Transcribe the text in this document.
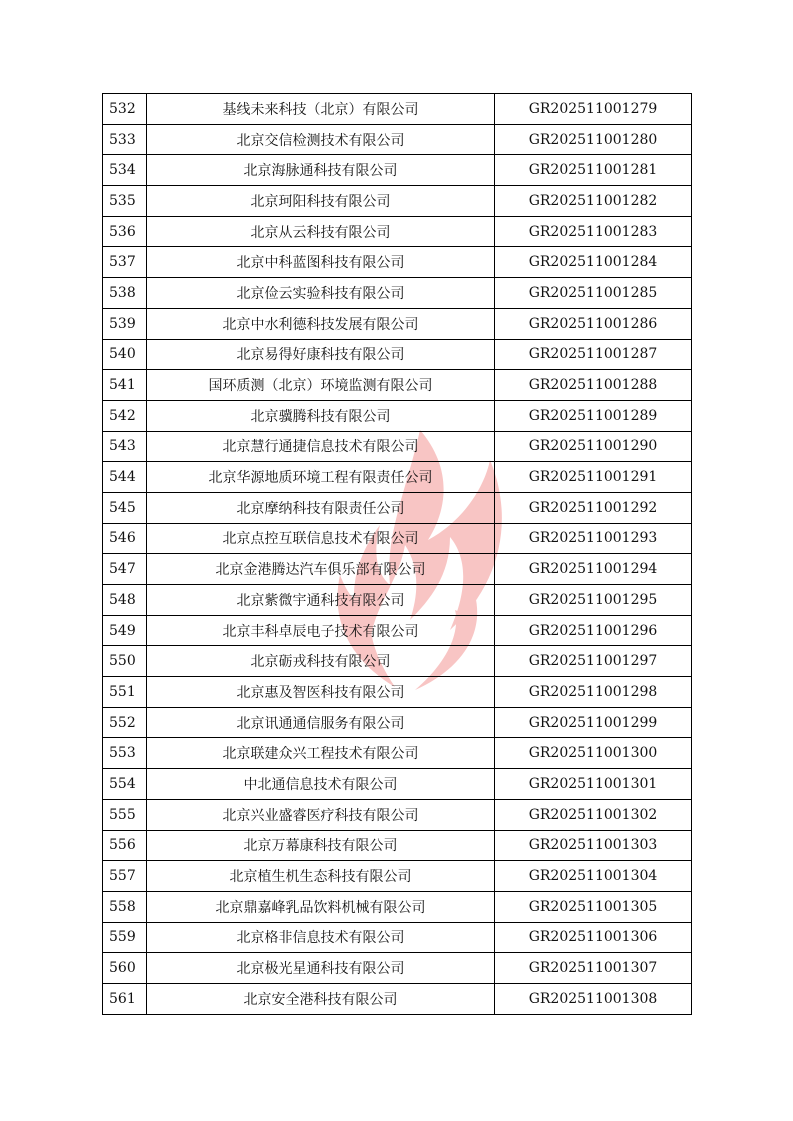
532	基线未来科技（北京）有限公司	GR202511001279
533	北京交信检测技术有限公司	GR202511001280
534	北京海脉通科技有限公司	GR202511001281
535	北京珂阳科技有限公司	GR202511001282
536	北京从云科技有限公司	GR202511001283
537	北京中科蓝图科技有限公司	GR202511001284
538	北京俭云实验科技有限公司	GR202511001285
539	北京中水利德科技发展有限公司	GR202511001286
540	北京易得好康科技有限公司	GR202511001287
541	国环质测（北京）环境监测有限公司	GR202511001288
542	北京骥腾科技有限公司	GR202511001289
543	北京慧行通捷信息技术有限公司	GR202511001290
544	北京华源地质环境工程有限责任公司	GR202511001291
545	北京摩纳科技有限责任公司	GR202511001292
546	北京点控互联信息技术有限公司	GR202511001293
547	北京金港腾达汽车俱乐部有限公司	GR202511001294
548	北京紫微宇通科技有限公司	GR202511001295
549	北京丰科卓辰电子技术有限公司	GR202511001296
550	北京砺戎科技有限公司	GR202511001297
551	北京惠及智医科技有限公司	GR202511001298
552	北京讯通通信服务有限公司	GR202511001299
553	北京联建众兴工程技术有限公司	GR202511001300
554	中北通信息技术有限公司	GR202511001301
555	北京兴业盛睿医疗科技有限公司	GR202511001302
556	北京万幕康科技有限公司	GR202511001303
557	北京植生机生态科技有限公司	GR202511001304
558	北京鼎嘉峰乳品饮料机械有限公司	GR202511001305
559	北京格非信息技术有限公司	GR202511001306
560	北京极光星通科技有限公司	GR202511001307
561	北京安全港科技有限公司	GR202511001308
